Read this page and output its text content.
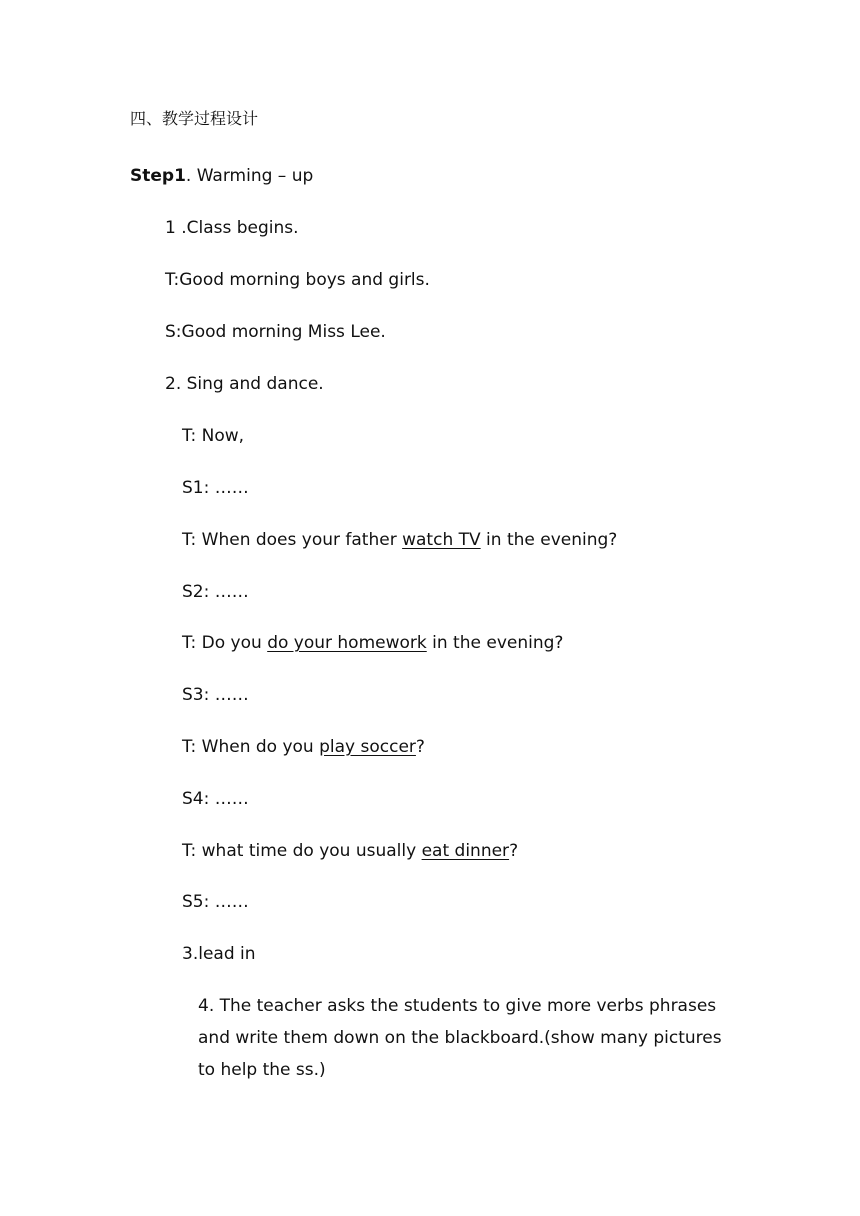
四、教学过程设计
Step1. Warming – up
1 .Class begins.
T:Good morning boys and girls.
S:Good morning Miss Lee.
2. Sing and dance.
T: Now,
S1: ……
T: When does your father watch TV in the evening?
S2: ……
T: Do you do your homework in the evening?
S3: ……
T: When do you play soccer?
S4: ……
T: what time do you usually eat dinner?
S5: ……
3.lead in
4. The teacher asks the students to give more verbs phrases and write them down on the blackboard.(show many pictures to help the ss.)
